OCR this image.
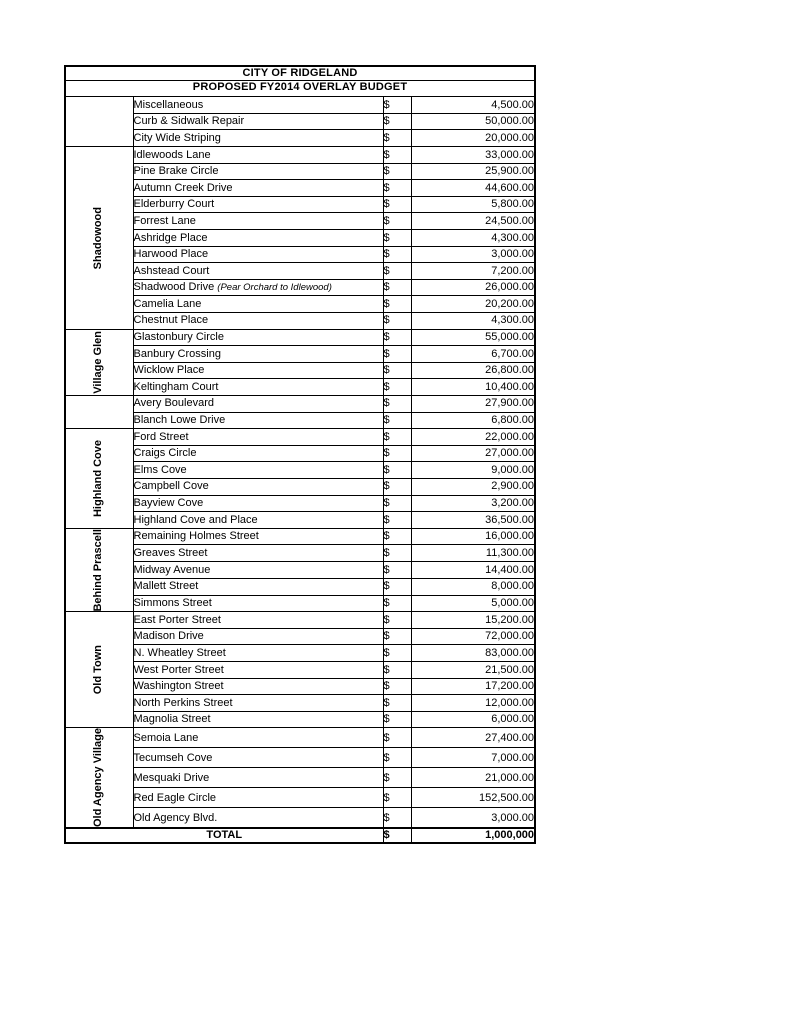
CITY OF RIDGELAND			
PROPOSED FY2014 OVERLAY BUDGET			
	Miscellaneous	$	4,500.00
	Curb & Sidwalk Repair	$	50,000.00
	City Wide Striping	$	20,000.00

Shadowood	Idlewoods Lane	$	33,000.00
	Pine Brake Circle	$	25,900.00
	Autumn Creek Drive	$	44,600.00
	Elderburry Court	$	5,800.00
	Forrest Lane	$	24,500.00
	Ashridge Place	$	4,300.00
	Harwood Place	$	3,000.00
	Ashstead Court	$	7,200.00
	Shadwood Drive (Pear Orchard to Idlewood)	$	26,000.00
	Camelia Lane	$	20,200.00
	Chestnut Place	$	4,300.00

Village Glen	Glastonbury Circle	$	55,000.00
	Banbury Crossing	$	6,700.00
	Wicklow Place	$	26,800.00
	Keltingham Court	$	10,400.00
	Avery Boulevard	$	27,900.00
	Blanch Lowe Drive	$	6,800.00

Highland Cove	Ford Street	$	22,000.00
	Craigs Circle	$	27,000.00
	Elms Cove	$	9,000.00
	Campbell Cove	$	2,900.00
	Bayview Cove	$	3,200.00
	Highland Cove and Place	$	36,500.00

Behind Prasсell	Remaining Holmes Street	$	16,000.00
	Greaves Street	$	11,300.00
	Midway Avenue	$	14,400.00
	Mallett Street	$	8,000.00
	Simmons Street	$	5,000.00

Old Town	East Porter Street	$	15,200.00
	Madison Drive	$	72,000.00
	N. Wheatley Street	$	83,000.00
	West Porter Street	$	21,500.00
	Washington Street	$	17,200.00
	North Perkins Street	$	12,000.00
	Magnolia Street	$	6,000.00

Old Agency Village	Semoia Lane	$	27,400.00
	Tecumseh Cove	$	7,000.00
	Mesquaki Drive	$	21,000.00
	Red Eagle Circle	$	152,500.00
	Old Agency Blvd.	$	3,000.00
TOTAL		$	1,000,000
